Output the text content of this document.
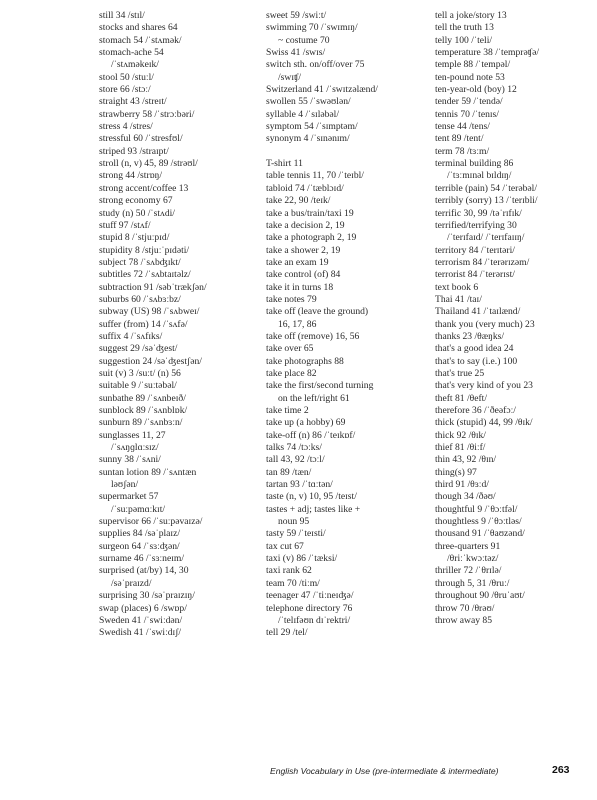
still 34 /stɪl/
stocks and shares 64
stomach 54 /ˈstʌmək/
stomach-ache 54
/ˈstʌməkeɪk/
stool 50 /stuːl/
store 66 /stɔː/
straight 43 /streɪt/
strawberry 58 /ˈstrɔːbəri/
stress 4 /stres/
stressful 60 /ˈstresfʊl/
striped 93 /straɪpt/
stroll (n, v) 45, 89 /strəʊl/
strong 44 /strɒŋ/
strong accent/coffee 13
strong economy 67
study (n) 50 /ˈstʌdi/
stuff 97 /stʌf/
stupid 8 /ˈstjuːpɪd/
stupidity 8 /stjuːˈpɪdəti/
subject 78 /ˈsʌbʤɪkt/
subtitles 72 /ˈsʌbtaɪtəlz/
subtraction 91 /səbˈtrækʃən/
suburbs 60 /ˈsʌbɜːbz/
subway (US) 98 /ˈsʌbweɪ/
suffer (from) 14 /ˈsʌfə/
suffix 4 /ˈsʌfɪks/
suggest 29 /səˈʤest/
suggestion 24 /səˈʤestʃən/
suit (v) 3 /suːt/ (n) 56
suitable 9 /ˈsuːtəbəl/
sunbathe 89 /ˈsʌnbeɪð/
sunblock 89 /ˈsʌnblɒk/
sunburn 89 /ˈsʌnbɜːn/
sunglasses 11, 27
/ˈsʌŋɡlɑːsɪz/
sunny 38 /ˈsʌni/
suntan lotion 89 /ˈsʌntæn
ləʊʃən/
supermarket 57
/ˈsuːpəmɑːkɪt/
supervisor 66 /ˈsuːpəvaɪzə/
supplies 84 /səˈplaɪz/
surgeon 64 /ˈsɜːʤən/
surname 46 /ˈsɜːneɪm/
surprised (at/by) 14, 30
/səˈpraɪzd/
surprising 30 /səˈpraɪzɪŋ/
swap (places) 6 /swɒp/
Sweden 41 /ˈswiːdən/
Swedish 41 /ˈswiːdɪʃ/
sweet 59 /swiːt/
swimming 70 /ˈswɪmɪŋ/
~ costume 70
Swiss 41 /swɪs/
switch sth. on/off/over 75
/swɪʧ/
Switzerland 41 /ˈswɪtzəlænd/
swollen 55 /ˈswəʊlən/
syllable 4 /ˈsɪləbəl/
symptom 54 /ˈsɪmptəm/
synonym 4 /ˈsɪnənɪm/
T-shirt 11
table tennis 11, 70 /ˈteɪbl/
tabloid 74 /ˈtæblɔɪd/
take 22, 90 /teɪk/
take a bus/train/taxi 19
take a decision 2, 19
take a photograph 2, 19
take a shower 2, 19
take an exam 19
take control (of) 84
take it in turns 18
take notes 79
take off (leave the ground)
16, 17, 86
take off (remove) 16, 56
take over 65
take photographs 88
take place 82
take the first/second turning
on the left/right 61
take time 2
take up (a hobby) 69
take-off (n) 86 /ˈteɪkɒf/
talks 74 /tɔːks/
tall 43, 92 /tɔːl/
tan 89 /tæn/
tartan 93 /ˈtɑːtən/
taste (n, v) 10, 95 /teɪst/
tastes + adj; tastes like +
noun 95
tasty 59 /ˈteɪsti/
tax cut 67
taxi (v) 86 /ˈtæksi/
taxi rank 62
team 70 /tiːm/
teenager 47 /ˈtiːneɪʤə/
telephone directory 76
/ˈtelɪfəʊn dɪˈrektri/
tell 29 /tel/
tell a joke/story 13
tell the truth 13
telly 100 /ˈteli/
temperature 38 /ˈtemprəʧə/
temple 88 /ˈtempəl/
ten-pound note 53
ten-year-old (boy) 12
tender 59 /ˈtendə/
tennis 70 /ˈtenɪs/
tense 44 /tens/
tent 89 /tent/
term 78 /tɜːm/
terminal building 86
/ˈtɜːmɪnəl bɪldɪŋ/
terrible (pain) 54 /ˈterəbəl/
terribly (sorry) 13 /ˈterɪbli/
terrific 30, 99 /təˈrɪfɪk/
terrified/terrifying 30
/ˈterɪfaɪd/ /ˈterɪfaɪɪŋ/
territory 84 /ˈterɪtəri/
terrorism 84 /ˈterərɪzəm/
terrorist 84 /ˈterərɪst/
text book 6
Thai 41 /taɪ/
Thailand 41 /ˈtaɪlænd/
thank you (very much) 23
thanks 23 /θæŋks/
that's a good idea 24
that's to say (i.e.) 100
that's true 25
that's very kind of you 23
theft 81 /θeft/
therefore 36 /ˈðeəfɔː/
thick (stupid) 44, 99 /θɪk/
thick 92 /θɪk/
thief 81 /θiːf/
thin 43, 92 /θɪn/
thing(s) 97
third 91 /θɜːd/
though 34 /ðəʊ/
thoughtful 9 /ˈθɔːtfəl/
thoughtless 9 /ˈθɔːtləs/
thousand 91 /ˈθaʊzənd/
three-quarters 91
/θriːˈkwɔːtəz/
thriller 72 /ˈθrɪlə/
through 5, 31 /θruː/
throughout 90 /θruˈaʊt/
throw 70 /θrəʊ/
throw away 85
English Vocabulary in Use (pre-intermediate & intermediate)	263
